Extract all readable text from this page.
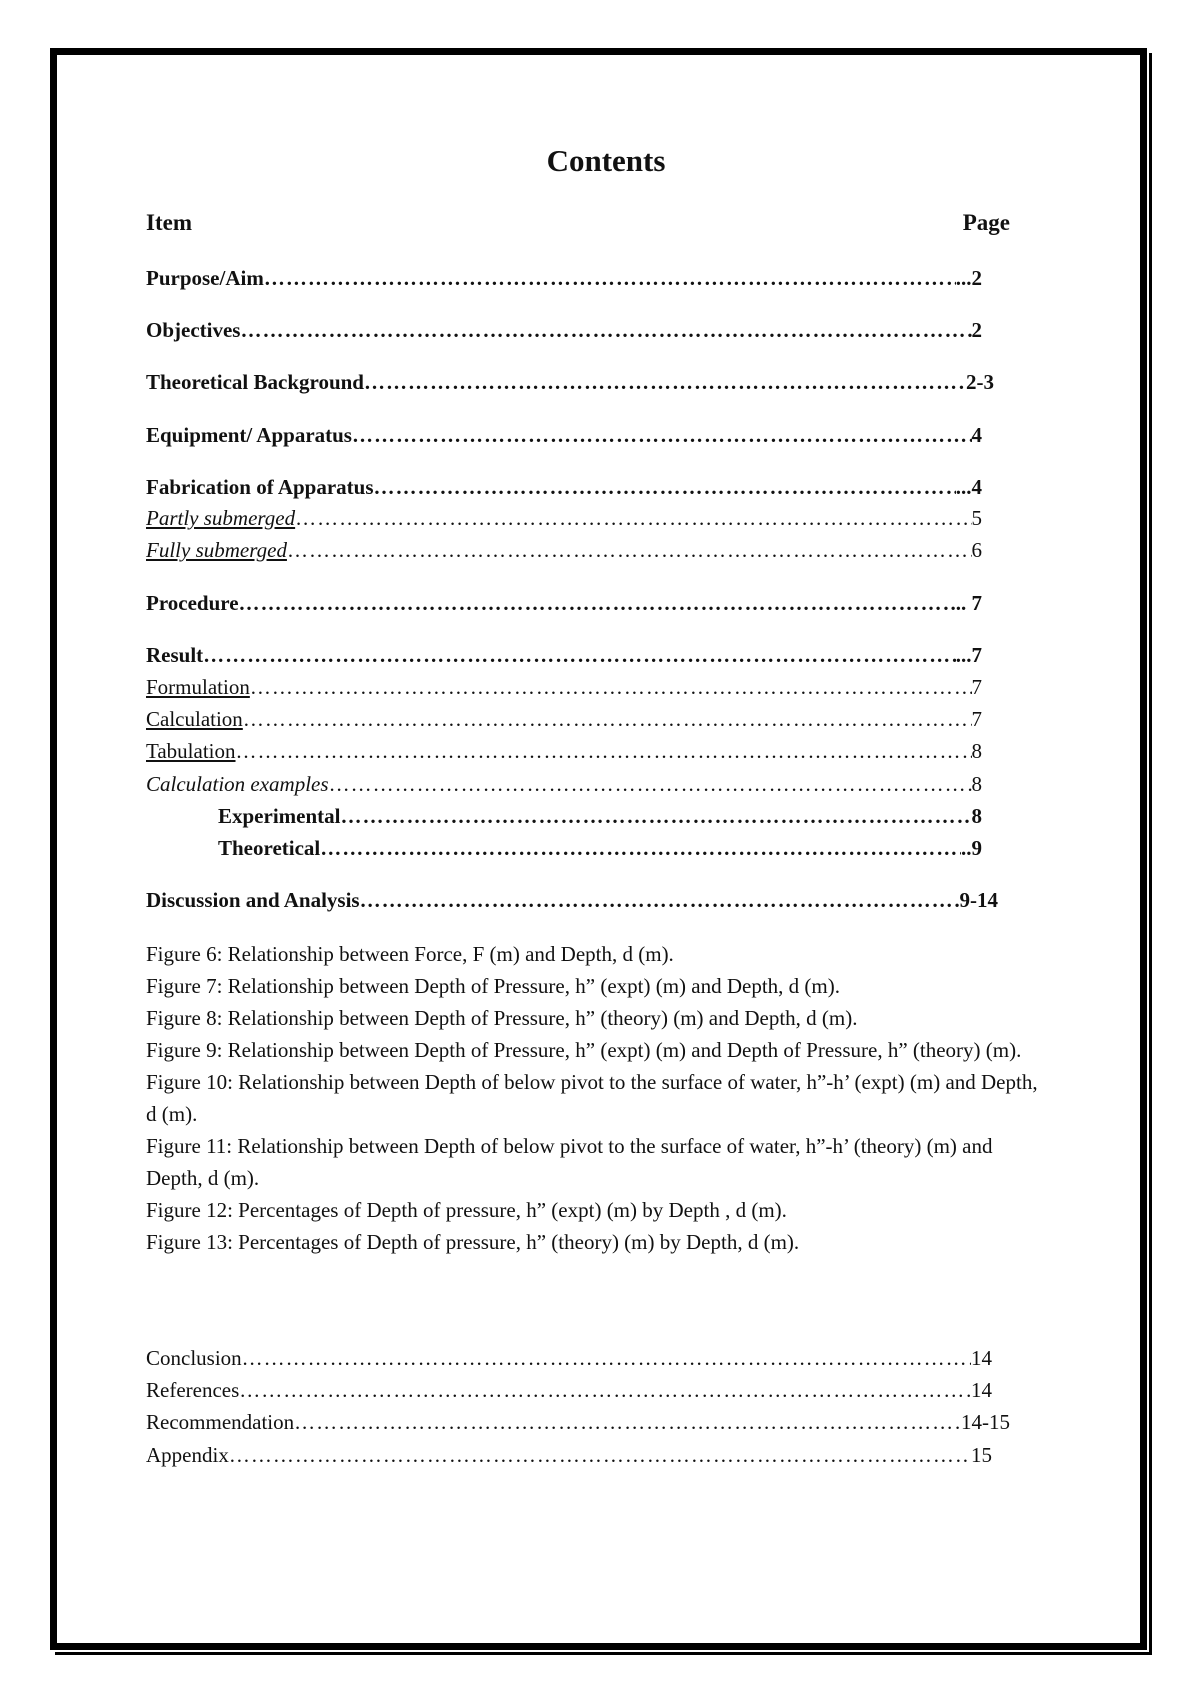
Contents
Item	Page
Purpose/Aim …………………………………………………………………………………………………………………………………………………………	...2
Objectives …………………………………………………………………………………………………………………………………………………………	2
Theoretical Background …………………………………………………………………………………………………………………………………………………………	2-3
Equipment/ Apparatus …………………………………………………………………………………………………………………………………………………………	4
Fabrication of Apparatus …………………………………………………………………………………………………………………………………………………………	...4
Partly submerged …………………………………………………………………………………………………………………………………………………………	5
Fully submerged …………………………………………………………………………………………………………………………………………………………	6
Procedure …………………………………………………………………………………………………………………………………………………………	... 7
Result …………………………………………………………………………………………………………………………………………………………	...7
Formulation …………………………………………………………………………………………………………………………………………………………	7
Calculation …………………………………………………………………………………………………………………………………………………………	7
Tabulation …………………………………………………………………………………………………………………………………………………………	8
Calculation examples …………………………………………………………………………………………………………………………………………………………	8
Experimental …………………………………………………………………………………………………………………………………………………………	8
Theoretical …………………………………………………………………………………………………………………………………………………………	..9
Discussion and Analysis …………………………………………………………………………………………………………………………………………………………	9-14

Figure 6: Relationship between Force, F (m) and Depth, d (m).

Figure 7: Relationship between Depth of Pressure, h” (expt) (m) and Depth, d (m).

Figure 8: Relationship between Depth of Pressure, h” (theory) (m) and Depth, d (m).

Figure 9: Relationship between Depth of Pressure, h” (expt) (m) and Depth of Pressure, h” (theory) (m).

Figure 10: Relationship between Depth of below pivot to the surface of water, h”-h’ (expt) (m) and Depth, d (m).

Figure 11: Relationship between Depth of below pivot to the surface of water, h”-h’ (theory) (m) and Depth, d (m).

Figure 12: Percentages of Depth of pressure, h” (expt) (m) by Depth , d (m).

Figure 13: Percentages of Depth of pressure, h” (theory) (m) by Depth, d (m).

Conclusion …………………………………………………………………………………………………………………………………………………………	14
References …………………………………………………………………………………………………………………………………………………………	14
Recommendation …………………………………………………………………………………………………………………………………………………………	14-15
Appendix …………………………………………………………………………………………………………………………………………………………	15
